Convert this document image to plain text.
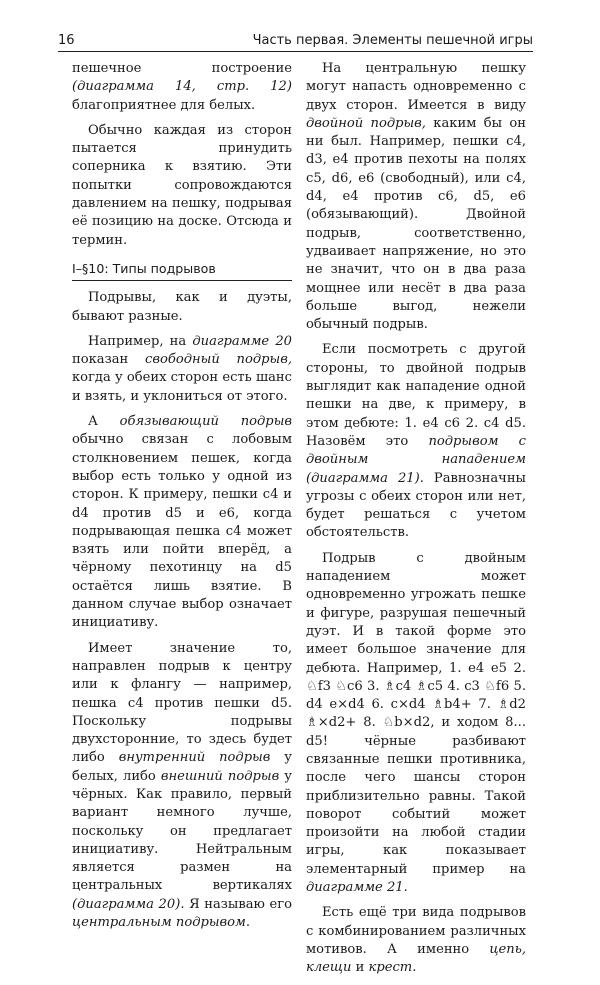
16	Часть первая. Элементы пешечной игры

пешечное построение (диаграмма 14, стр. 12) благоприятнее для белых.

Обычно каждая из сторон пытается принудить соперника к взятию. Эти попытки сопровождаются давлением на пешку, подрывая её позицию на доске. Отсюда и термин.

I–§10: Типы подрывов

Подрывы, как и дуэты, бывают разные.

Например, на диаграмме 20 показан свободный подрыв, когда у обеих сторон есть шанс и взять, и уклониться от этого.

А обязывающий подрыв обычно связан с лобовым столкновением пешек, когда выбор есть только у одной из сторон. К примеру, пешки c4 и d4 против d5 и e6, когда подрывающая пешка c4 может взять или пойти вперёд, а чёрному пехотинцу на d5 остаётся лишь взятие. В данном случае выбор означает инициативу.

Имеет значение то, направлен подрыв к центру или к флангу — например, пешка c4 против пешки d5. Поскольку подрывы двухсторонние, то здесь будет либо внутренний подрыв у белых, либо внешний подрыв у чёрных. Как правило, первый вариант немного лучше, поскольку он предлагает инициативу. Нейтральным является размен на центральных вертикалях (диаграмма 20). Я называю его центральным подрывом.

На центральную пешку могут напасть одновременно с двух сторон. Имеется в виду двойной подрыв, каким бы он ни был. Например, пешки c4, d3, e4 против пехоты на полях c5, d6, e6 (свободный), или c4, d4, e4 против c6, d5, e6 (обязывающий). Двойной подрыв, соответственно, удваивает напряжение, но это не значит, что он в два раза мощнее или несёт в два раза больше выгод, нежели обычный подрыв.

Если посмотреть с другой стороны, то двойной подрыв выглядит как нападение одной пешки на две, к примеру, в этом дебюте: 1. e4 c6 2. c4 d5. Назовём это подрывом с двойным нападением (диаграмма 21). Равнозначны угрозы с обеих сторон или нет, будет решаться с учетом обстоятельств.

Подрыв с двойным нападением может одновременно угрожать пешке и фигуре, разрушая пешечный дуэт. И в такой форме это имеет большое значение для дебюта. Например, 1. e4 e5 2. ♘f3 ♘c6 3. ♗c4 ♗c5 4. c3 ♘f6 5. d4 e×d4 6. c×d4 ♗b4+ 7. ♗d2 ♗×d2+ 8. ♘b×d2, и ходом 8... d5! чёрные разбивают связанные пешки противника, после чего шансы сторон приблизительно равны. Такой поворот событий может произойти на любой стадии игры, как показывает элементарный пример на диаграмме 21.

Есть ещё три вида подрывов с комбинированием различных мотивов. А именно цепь, клещи и крест.
